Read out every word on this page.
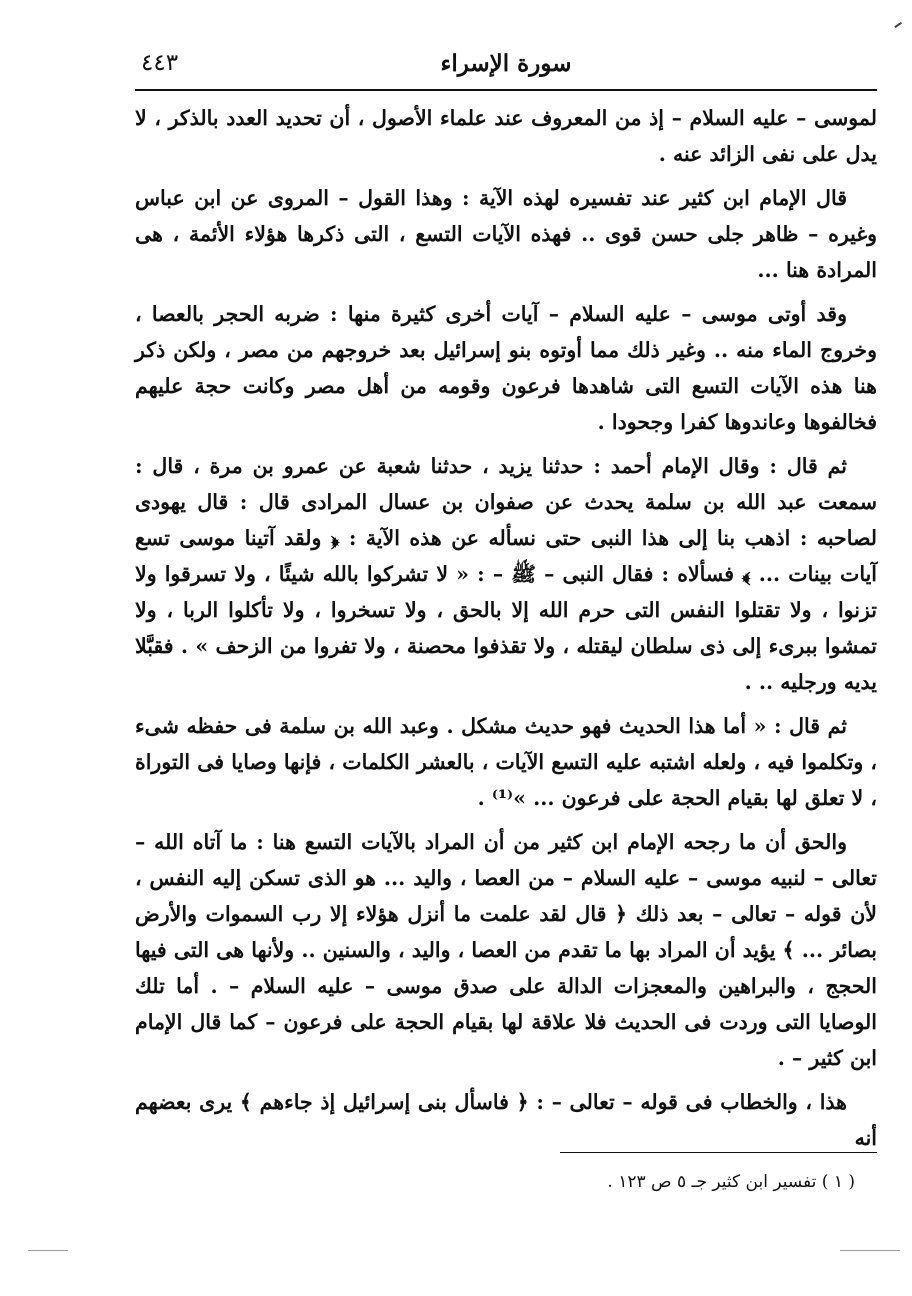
سورة الإسراء
٤٤٣

لموسى – عليه السلام – إذ من المعروف عند علماء الأصول ، أن تحديد العدد بالذكر ، لا يدل على نفى الزائد عنه .

قال الإمام ابن كثير عند تفسيره لهذه الآية : وهذا القول – المروى عن ابن عباس وغيره – ظاهر جلى حسن قوى .. فهذه الآيات التسع ، التى ذكرها هؤلاء الأئمة ، هى المرادة هنا ...

وقد أوتى موسى – عليه السلام – آيات أخرى كثيرة منها : ضربه الحجر بالعصا ، وخروج الماء منه .. وغير ذلك مما أوتوه بنو إسرائيل بعد خروجهم من مصر ، ولكن ذكر هنا هذه الآيات التسع التى شاهدها فرعون وقومه من أهل مصر وكانت حجة عليهم فخالفوها وعاندوها كفرا وجحودا .

ثم قال : وقال الإمام أحمد : حدثنا يزيد ، حدثنا شعبة عن عمرو بن مرة ، قال : سمعت عبد الله بن سلمة يحدث عن صفوان بن عسال المرادى قال : قال يهودى لصاحبه : اذهب بنا إلى هذا النبى حتى نسأله عن هذه الآية : ﴿ ولقد آتينا موسى تسع آيات بينات ... ﴾ فسألاه : فقال النبى – ﷺ – : « لا تشركوا بالله شيئًا ، ولا تسرقوا ولا تزنوا ، ولا تقتلوا النفس التى حرم الله إلا بالحق ، ولا تسخروا ، ولا تأكلوا الربا ، ولا تمشوا ببرىء إلى ذى سلطان ليقتله ، ولا تقذفوا محصنة ، ولا تفروا من الزحف » . فقبَّلا يديه ورجليه .. .

ثم قال : « أما هذا الحديث فهو حديث مشكل . وعبد الله بن سلمة فى حفظه شىء ، وتكلموا فيه ، ولعله اشتبه عليه التسع الآيات ، بالعشر الكلمات ، فإنها وصايا فى التوراة ، لا تعلق لها بقيام الحجة على فرعون ... »⁽¹⁾ .

والحق أن ما رجحه الإمام ابن كثير من أن المراد بالآيات التسع هنا : ما آتاه الله – تعالى – لنبيه موسى – عليه السلام – من العصا ، واليد ... هو الذى تسكن إليه النفس ، لأن قوله – تعالى – بعد ذلك ﴿ قال لقد علمت ما أنزل هؤلاء إلا رب السموات والأرض بصائر ... ﴾ يؤيد أن المراد بها ما تقدم من العصا ، واليد ، والسنين .. ولأنها هى التى فيها الحجج ، والبراهين والمعجزات الدالة على صدق موسى – عليه السلام – . أما تلك الوصايا التى وردت فى الحديث فلا علاقة لها بقيام الحجة على فرعون – كما قال الإمام ابن كثير – .

هذا ، والخطاب فى قوله – تعالى – : ﴿ فاسأل بنى إسرائيل إذ جاءهم ﴾ يرى بعضهم أنه

( ١ ) تفسير ابن كثير جـ ٥ ص ١٢٣ .
